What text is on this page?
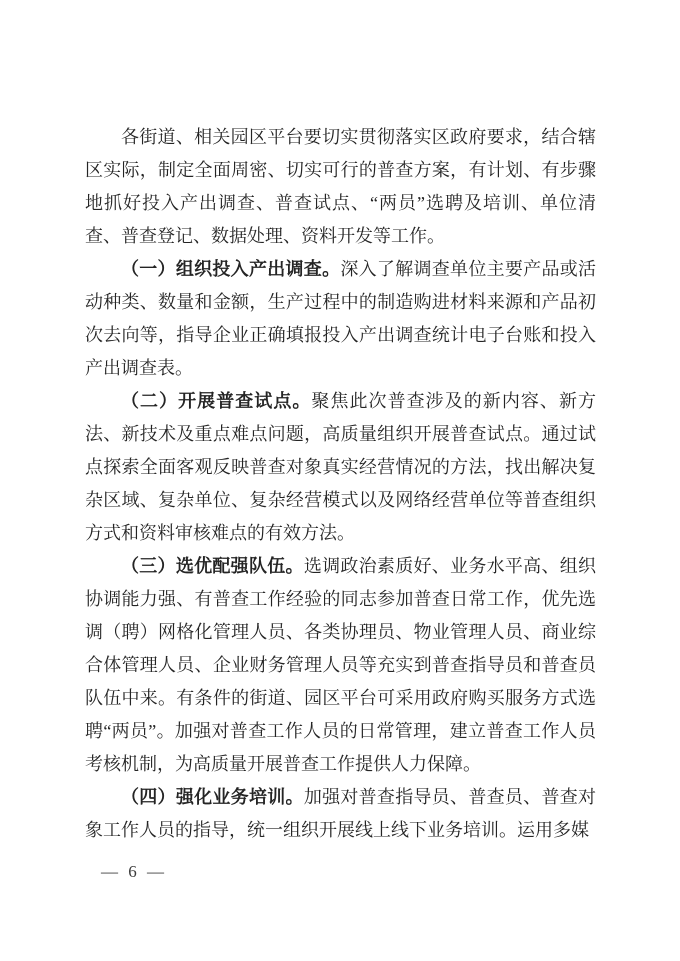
各街道、相关园区平台要切实贯彻落实区政府要求，结合辖区实际，制定全面周密、切实可行的普查方案，有计划、有步骤地抓好投入产出调查、普查试点、“两员”选聘及培训、单位清查、普查登记、数据处理、资料开发等工作。

（一）组织投入产出调查。深入了解调查单位主要产品或活动种类、数量和金额，生产过程中的制造购进材料来源和产品初次去向等，指导企业正确填报投入产出调查统计电子台账和投入产出调查表。

（二）开展普查试点。聚焦此次普查涉及的新内容、新方法、新技术及重点难点问题，高质量组织开展普查试点。通过试点探索全面客观反映普查对象真实经营情况的方法，找出解决复杂区域、复杂单位、复杂经营模式以及网络经营单位等普查组织方式和资料审核难点的有效方法。

（三）选优配强队伍。选调政治素质好、业务水平高、组织协调能力强、有普查工作经验的同志参加普查日常工作，优先选调（聘）网格化管理人员、各类协理员、物业管理人员、商业综合体管理人员、企业财务管理人员等充实到普查指导员和普查员队伍中来。有条件的街道、园区平台可采用政府购买服务方式选聘“两员”。加强对普查工作人员的日常管理，建立普查工作人员考核机制，为高质量开展普查工作提供人力保障。

（四）强化业务培训。加强对普查指导员、普查员、普查对象工作人员的指导，统一组织开展线上线下业务培训。运用多媒

— 6 —
